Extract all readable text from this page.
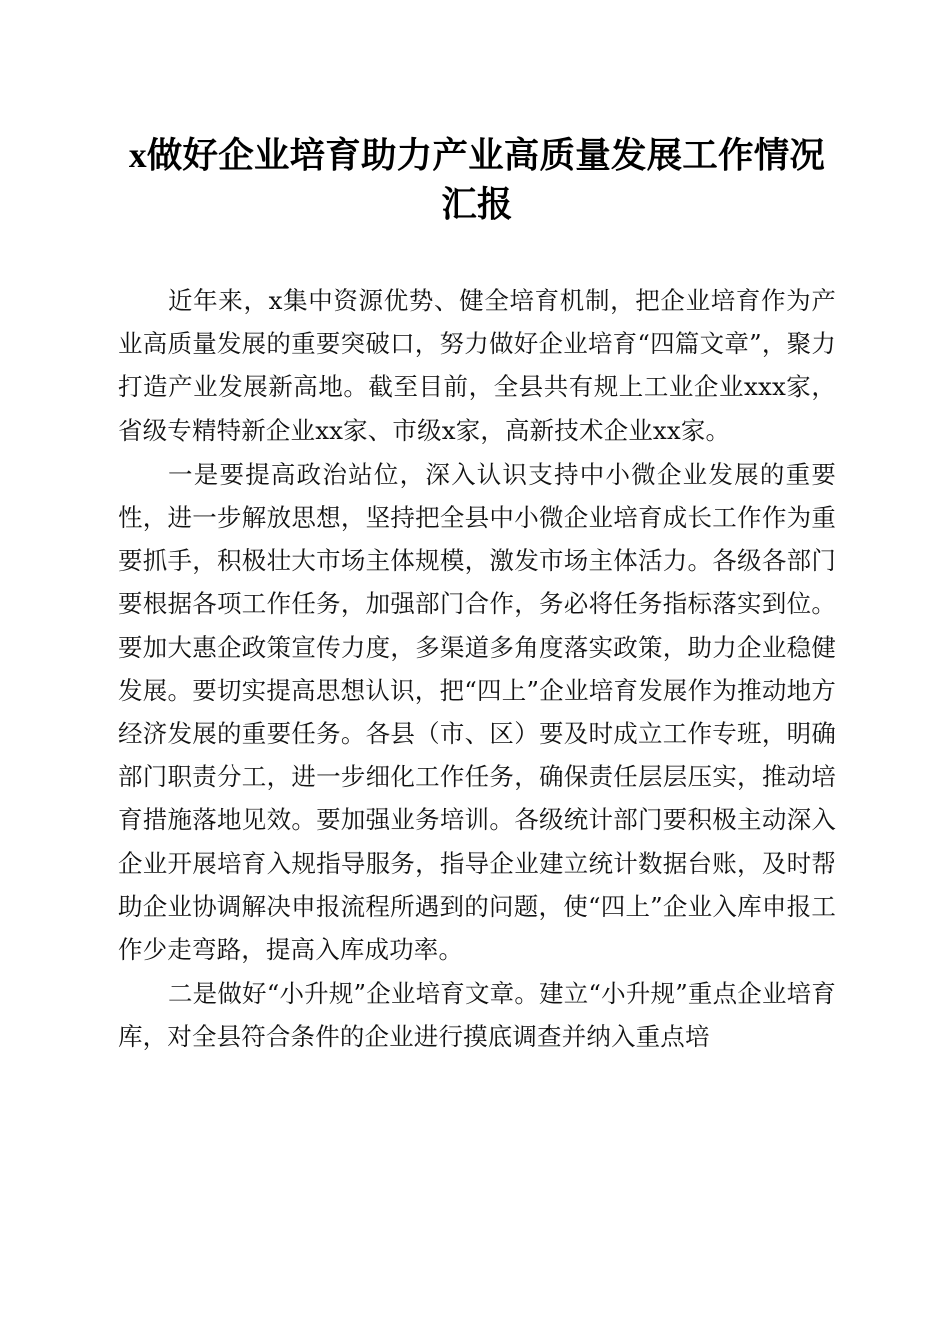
x做好企业培育助力产业高质量发展工作情况汇报

近年来，x集中资源优势、健全培育机制，把企业培育作为产业高质量发展的重要突破口，努力做好企业培育“四篇文章”，聚力打造产业发展新高地。截至目前，全县共有规上工业企业xxx家，省级专精特新企业xx家、市级x家，高新技术企业xx家。

一是要提高政治站位，深入认识支持中小微企业发展的重要性，进一步解放思想，坚持把全县中小微企业培育成长工作作为重要抓手，积极壮大市场主体规模，激发市场主体活力。各级各部门要根据各项工作任务，加强部门合作，务必将任务指标落实到位。要加大惠企政策宣传力度，多渠道多角度落实政策，助力企业稳健发展。要切实提高思想认识，把“四上”企业培育发展作为推动地方经济发展的重要任务。各县（市、区）要及时成立工作专班，明确部门职责分工，进一步细化工作任务，确保责任层层压实，推动培育措施落地见效。要加强业务培训。各级统计部门要积极主动深入企业开展培育入规指导服务，指导企业建立统计数据台账，及时帮助企业协调解决申报流程所遇到的问题，使“四上”企业入库申报工作少走弯路，提高入库成功率。

二是做好“小升规”企业培育文章。建立“小升规”重点企业培育库，对全县符合条件的企业进行摸底调查并纳入重点培
